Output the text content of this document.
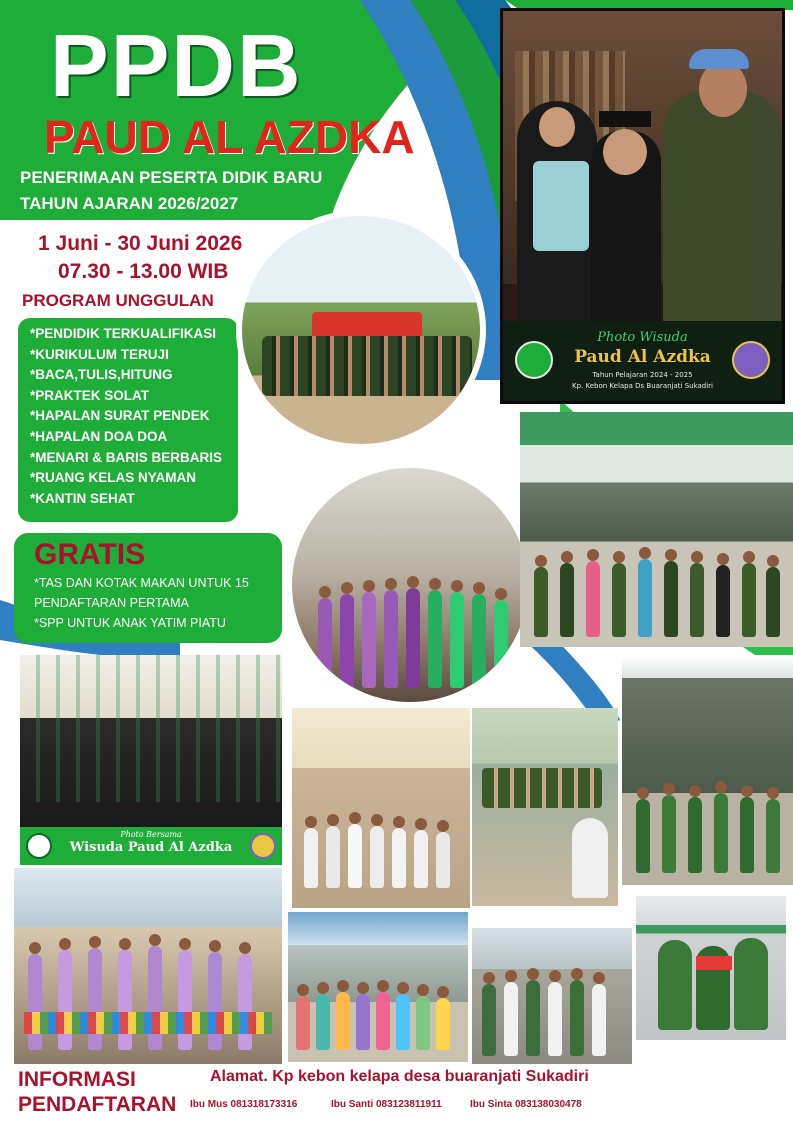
PPDB
PAUD AL AZDKA
PENERIMAAN PESERTA DIDIK BARU
TAHUN AJARAN 2026/2027
1 Juni - 30 Juni 2026
07.30 - 13.00 WIB
PROGRAM UNGGULAN
*PENDIDIK TERKUALIFIKASI
*KURIKULUM TERUJI
*BACA,TULIS,HITUNG
*PRAKTEK SOLAT
*HAPALAN SURAT PENDEK
*HAPALAN DOA DOA
*MENARI & BARIS BERBARIS
*RUANG KELAS NYAMAN
*KANTIN SEHAT
GRATIS
*TAS DAN KOTAK MAKAN UNTUK 15
PENDAFTARAN PERTAMA
*SPP UNTUK ANAK YATIM PIATU
Photo Wisuda
Paud Al Azdka
Tahun Pelajaran 2024 - 2025
Kp. Kebon Kelapa Ds Buaranjati Sukadiri
Photo Bersama
Wisuda Paud Al Azdka
INFORMASI
PENDAFTARAN
Alamat. Kp kebon kelapa desa buaranjati Sukadiri
Ibu Mus 081318173316	Ibu Santi 083123811911	Ibu Sinta 083138030478
